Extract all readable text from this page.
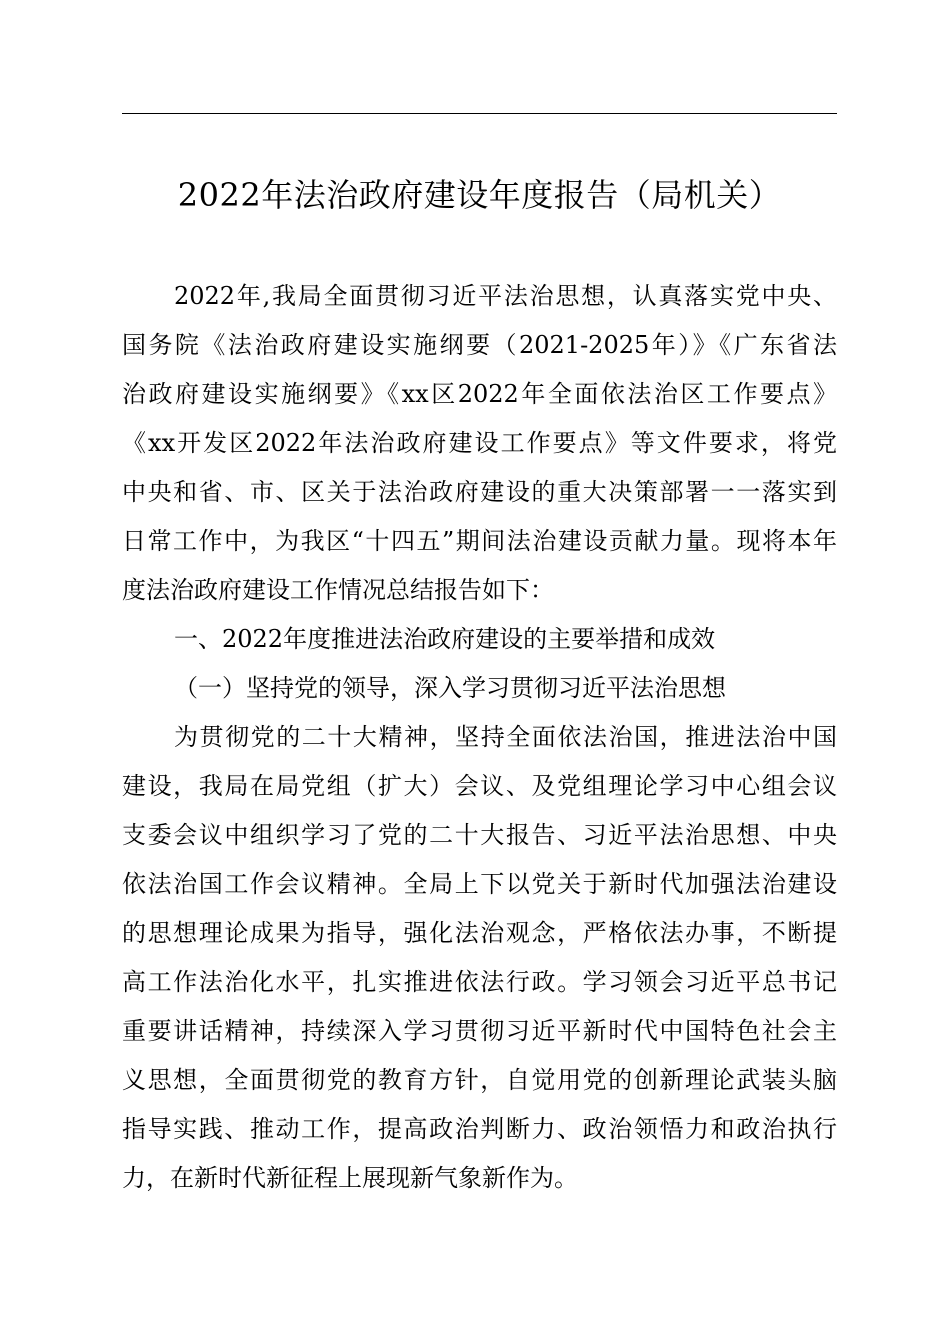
2022年法治政府建设年度报告（局机关）
2022年,我局全面贯彻习近平法治思想，认真落实党中央、
国务院《法治政府建设实施纲要（2021-2025年）》《广东省法
治政府建设实施纲要》《xx区2022年全面依法治区工作要点》
《xx开发区2022年法治政府建设工作要点》等文件要求，将党
中央和省、市、区关于法治政府建设的重大决策部署一一落实到
日常工作中，为我区“十四五”期间法治建设贡献力量。现将本年
度法治政府建设工作情况总结报告如下：
一、2022年度推进法治政府建设的主要举措和成效
（一）坚持党的领导，深入学习贯彻习近平法治思想
为贯彻党的二十大精神，坚持全面依法治国，推进法治中国
建设，我局在局党组（扩大）会议、及党组理论学习中心组会议
支委会议中组织学习了党的二十大报告、习近平法治思想、中央
依法治国工作会议精神。全局上下以党关于新时代加强法治建设
的思想理论成果为指导，强化法治观念，严格依法办事，不断提
高工作法治化水平，扎实推进依法行政。学习领会习近平总书记
重要讲话精神，持续深入学习贯彻习近平新时代中国特色社会主
义思想，全面贯彻党的教育方针，自觉用党的创新理论武装头脑
指导实践、推动工作，提高政治判断力、政治领悟力和政治执行
力，在新时代新征程上展现新气象新作为。
